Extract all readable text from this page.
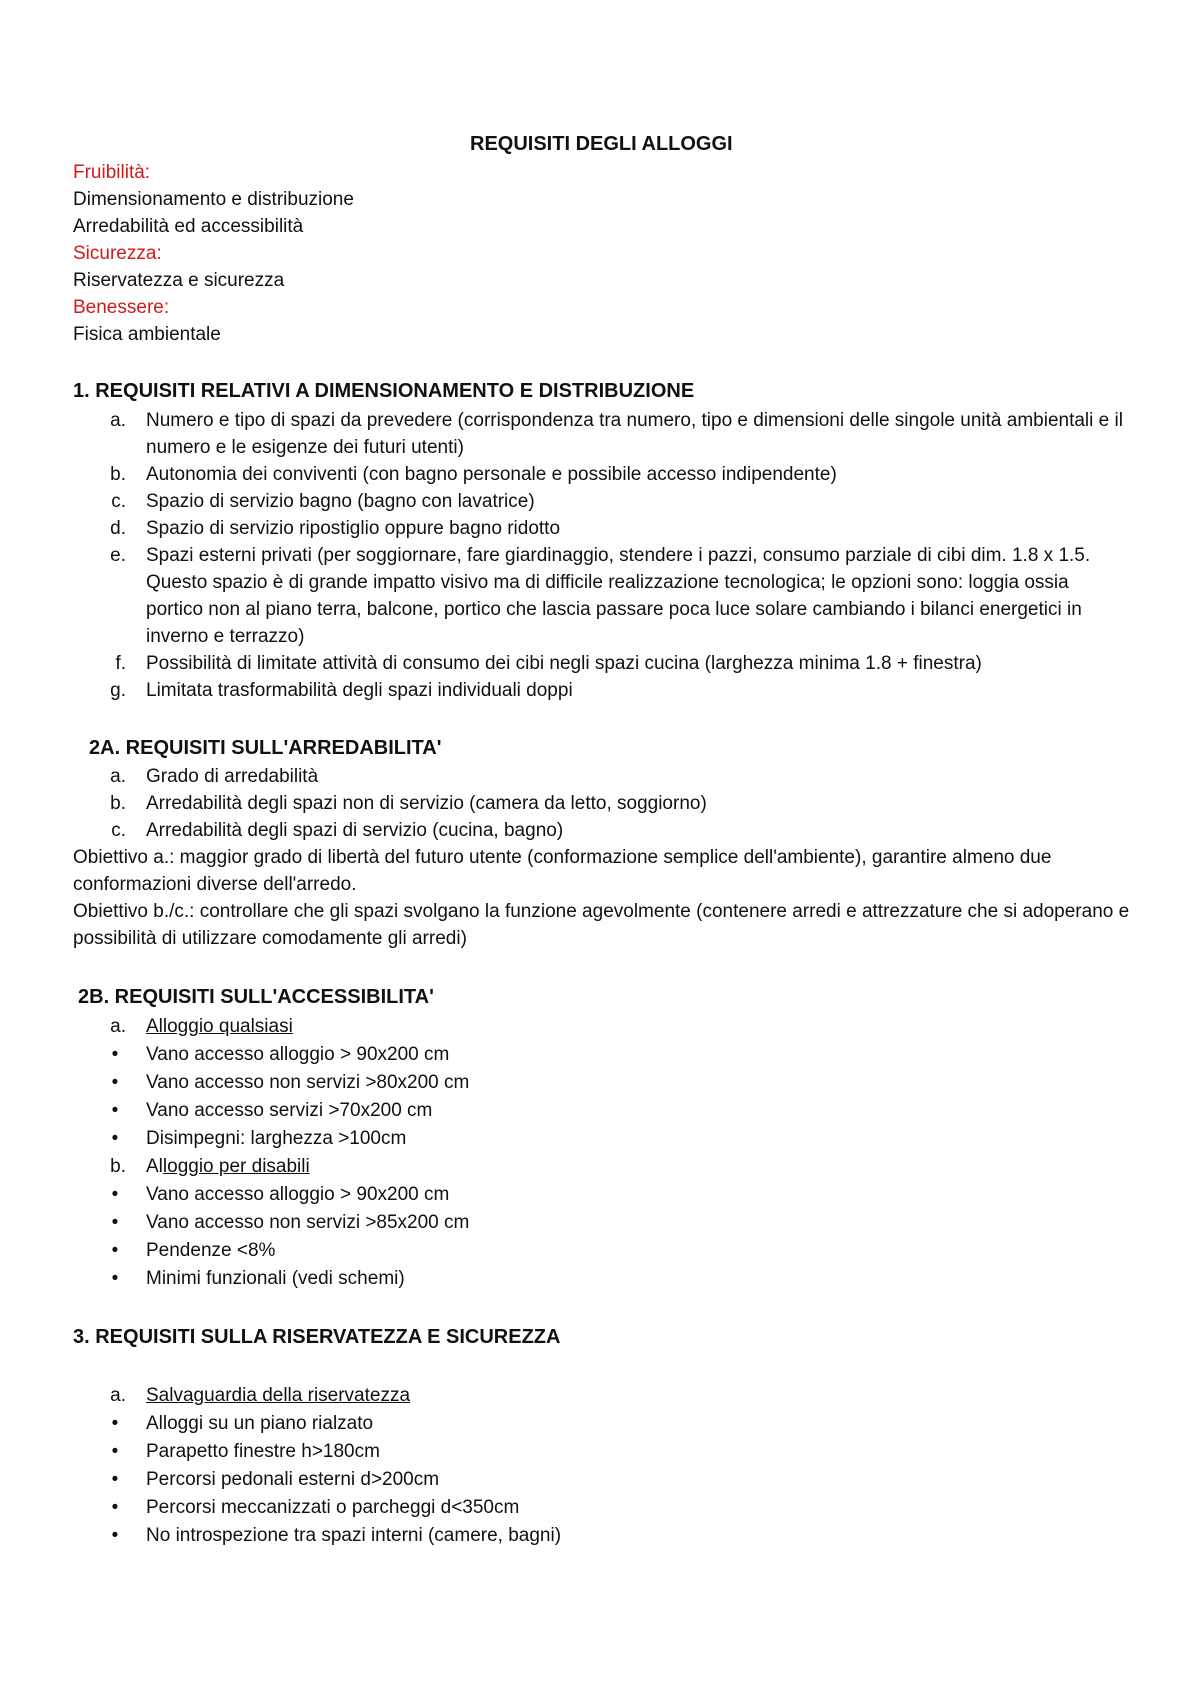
REQUISITI DEGLI ALLOGGI
Fruibilità:
Dimensionamento e distribuzione
Arredabilità ed accessibilità
Sicurezza:
Riservatezza e sicurezza
Benessere:
Fisica ambientale
1. REQUISITI RELATIVI A DIMENSIONAMENTO E DISTRIBUZIONE
a. Numero e tipo di spazi da prevedere (corrispondenza tra numero, tipo e dimensioni delle singole unità ambientali e il numero e le esigenze dei futuri utenti)
b. Autonomia dei conviventi (con bagno personale e possibile accesso indipendente)
c. Spazio di servizio bagno (bagno con lavatrice)
d. Spazio di servizio ripostiglio oppure bagno ridotto
e. Spazi esterni privati (per soggiornare, fare giardinaggio, stendere i pazzi, consumo parziale di cibi dim. 1.8 x 1.5. Questo spazio è di grande impatto visivo ma di difficile realizzazione tecnologica; le opzioni sono: loggia ossia portico non al piano terra, balcone, portico che lascia passare poca luce solare cambiando i bilanci energetici in inverno e terrazzo)
f. Possibilità di limitate attività di consumo dei cibi negli spazi cucina (larghezza minima 1.8 + finestra)
g. Limitata trasformabilità degli spazi individuali doppi
2A. REQUISITI SULL'ARREDABILITA'
a. Grado di arredabilità
b. Arredabilità degli spazi non di servizio (camera da letto, soggiorno)
c. Arredabilità degli spazi di servizio (cucina, bagno)
Obiettivo a.: maggior grado di libertà del futuro utente (conformazione semplice dell'ambiente), garantire almeno due conformazioni diverse dell'arredo.
Obiettivo b./c.: controllare che gli spazi svolgano la funzione agevolmente (contenere arredi e attrezzature che si adoperano e possibilità di utilizzare comodamente gli arredi)
2B. REQUISITI SULL'ACCESSIBILITA'
a. Alloggio qualsiasi
•	Vano accesso alloggio > 90x200 cm
•	Vano accesso non servizi >80x200 cm
•	Vano accesso servizi >70x200 cm
•	Disimpegni: larghezza >100cm
b. Alloggio per disabili
•	Vano accesso alloggio > 90x200 cm
•	Vano accesso non servizi >85x200 cm
•	Pendenze <8%
•	Minimi funzionali (vedi schemi)
3. REQUISITI SULLA RISERVATEZZA E SICUREZZA
a. Salvaguardia della riservatezza
•	Alloggi su un piano rialzato
•	Parapetto finestre h>180cm
•	Percorsi pedonali esterni d>200cm
•	Percorsi meccanizzati o parcheggi d<350cm
•	No introspezione tra spazi interni (camere, bagni)
